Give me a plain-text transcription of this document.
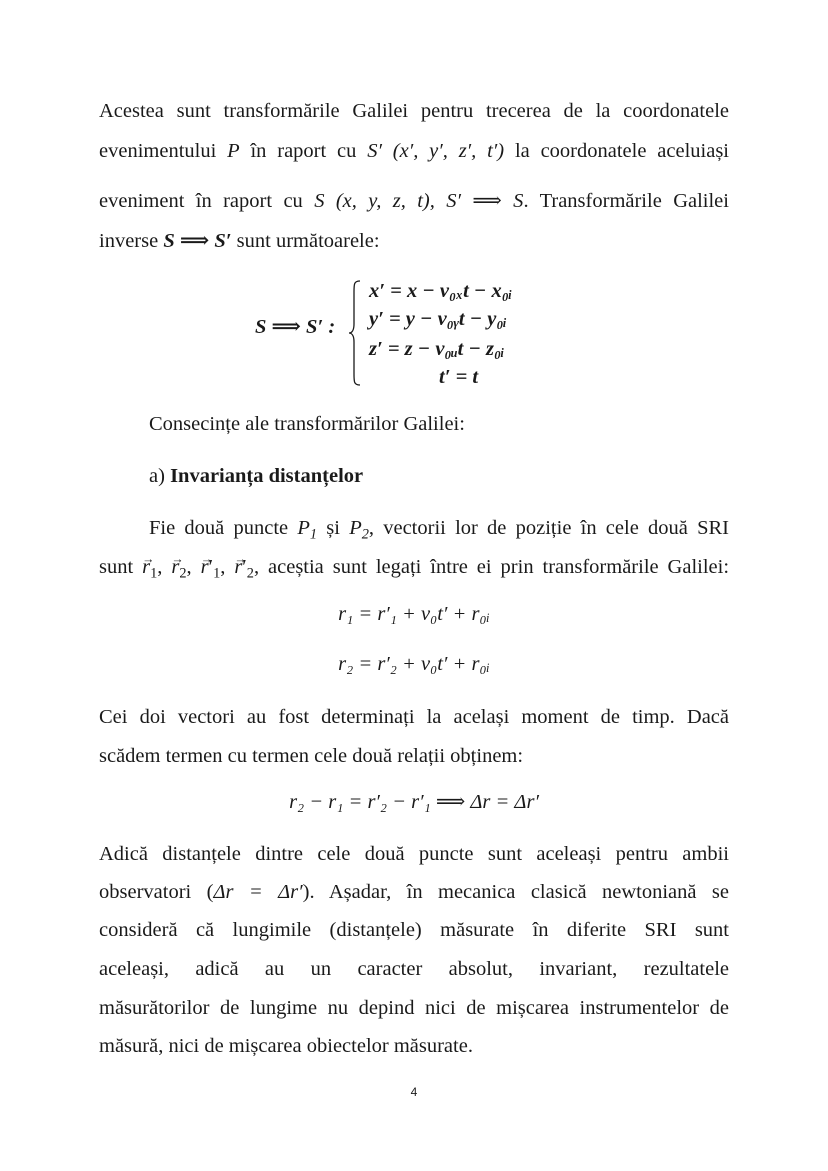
Acestea sunt transformările Galilei pentru trecerea de la coordonatele
evenimentului P în raport cu S′ (x′, y′, z′, t′) la coordonatele aceluiași
eveniment în raport cu S (x, y, z, t), S′ ⟹ S. Transformările Galilei
inverse S ⟹ S′ sunt următoarele:
S ⟹ S′ :
x′ = x − v₀ₓt − x₀ᵢ
y′ = y − v₀ᵧt − y₀ᵢ
z′ = z − v₀ᵤt − z₀ᵢ
t′ = t
Consecințe ale transformărilor Galilei:
a) Invarianța distanțelor
Fie două puncte $P_1$ și $P_2$, vectorii lor de poziție în cele două SRI
sunt → $r_1$, → $r_2$, → $r'_1$, → $r'_2$, aceștia sunt legați între ei prin transformările Galilei:
r₁ = r′₁ + v₀t′ + r₀ᵢ
r₂ = r′₂ + v₀t′ + r₀ᵢ
Cei doi vectori au fost determinați la același moment de timp. Dacă
scădem termen cu termen cele două relații obținem:
r₂ − r₁ = r′₂ − r′₁ ⟹ Δr = Δr′
Adică distanțele dintre cele două puncte sunt aceleași pentru ambii
observatori (Δr = Δr′). Așadar, în mecanica clasică newtoniană se
consideră că lungimile (distanțele) măsurate în diferite SRI sunt
aceleași, adică au un caracter absolut, invariant, rezultatele
măsurătorilor de lungime nu depind nici de mișcarea instrumentelor de
măsură, nici de mișcarea obiectelor măsurate.
4
